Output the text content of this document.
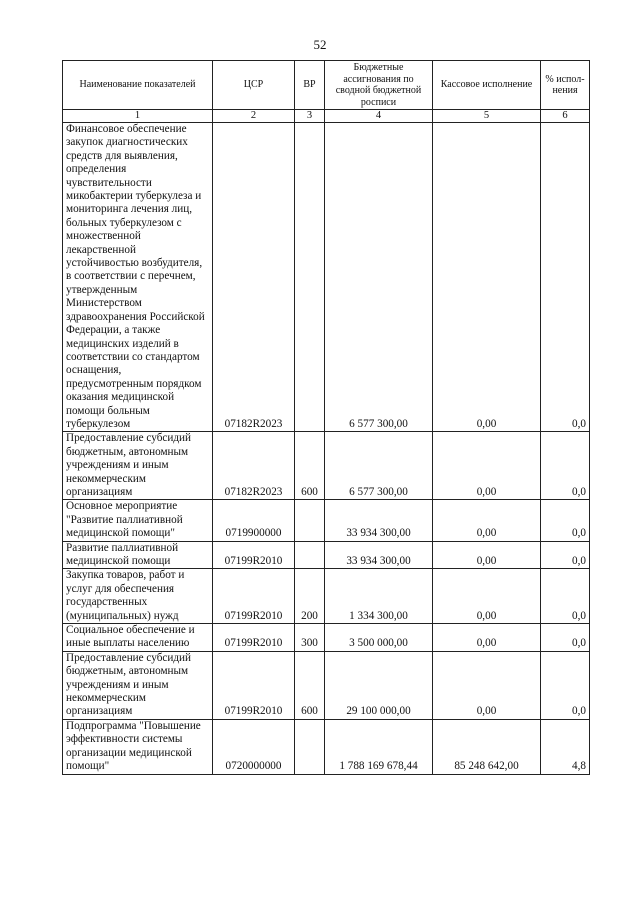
52
Наименование показателей	ЦСР	ВР	Бюджетные ассигнования по сводной бюджетной росписи	Кассовое исполнение	% испол-нения
1	2	3	4	5	6
Финансовое обеспечение закупок диагностических средств для выявления, определения чувствительности микобактерии туберкулеза и мониторинга лечения лиц, больных туберкулезом с множественной лекарственной устойчивостью возбудителя, в соответствии с перечнем, утвержденным Министерством здравоохранения Российской Федерации, а также медицинских изделий в соответствии со стандартом оснащения, предусмотренным порядком оказания медицинской помощи больным туберкулезом	07182R2023		6 577 300,00	0,00	0,0
Предоставление субсидий бюджетным, автономным учреждениям и иным некоммерческим организациям	07182R2023	600	6 577 300,00	0,00	0,0
Основное мероприятие "Развитие паллиативной медицинской помощи"	0719900000		33 934 300,00	0,00	0,0
Развитие паллиативной медицинской помощи	07199R2010		33 934 300,00	0,00	0,0
Закупка товаров, работ и услуг для обеспечения государственных (муниципальных) нужд	07199R2010	200	1 334 300,00	0,00	0,0
Социальное обеспечение и иные выплаты населению	07199R2010	300	3 500 000,00	0,00	0,0
Предоставление субсидий бюджетным, автономным учреждениям и иным некоммерческим организациям	07199R2010	600	29 100 000,00	0,00	0,0
Подпрограмма "Повышение эффективности системы организации медицинской помощи"	0720000000		1 788 169 678,44	85 248 642,00	4,8
